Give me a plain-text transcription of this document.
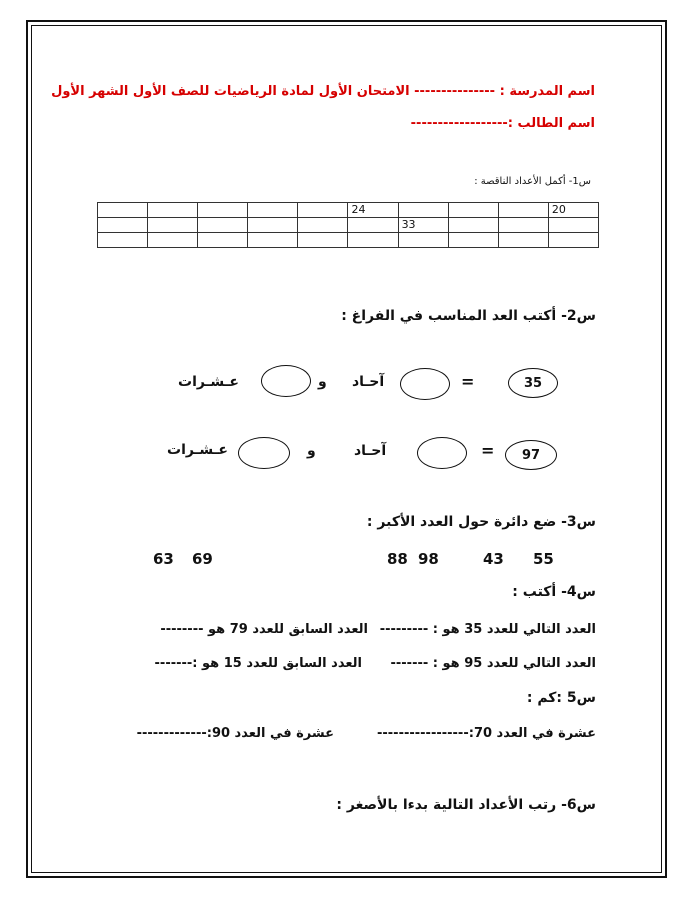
اسم المدرسة : --------------- الامتحان الأول لمادة الرياضيات للصف الأول الشهر الأول
اسم الطالب :------------------
س1- أكمل الأعداد الناقصة :
					24				20
						33			

س2- أكتب العد المناسب في الفراغ :
35
=
آحـاد
و
عـشـرات
97
=
آحـاد
و
عـشـرات
س3- ضع دائرة حول العدد الأكبر :
55
43
98
88
69
63
س4- أكتب :
العدد التالي للعدد 35 هو : ---------
العدد السابق للعدد 79 هو --------
العدد التالي للعدد 95 هو : -------
العدد السابق للعدد 15 هو :-------
س5 :كم :
عشرة في العدد 70:-----------------
عشرة في العدد 90:-------------
س6- رتب الأعداد التالية بدءا بالأصغر :
